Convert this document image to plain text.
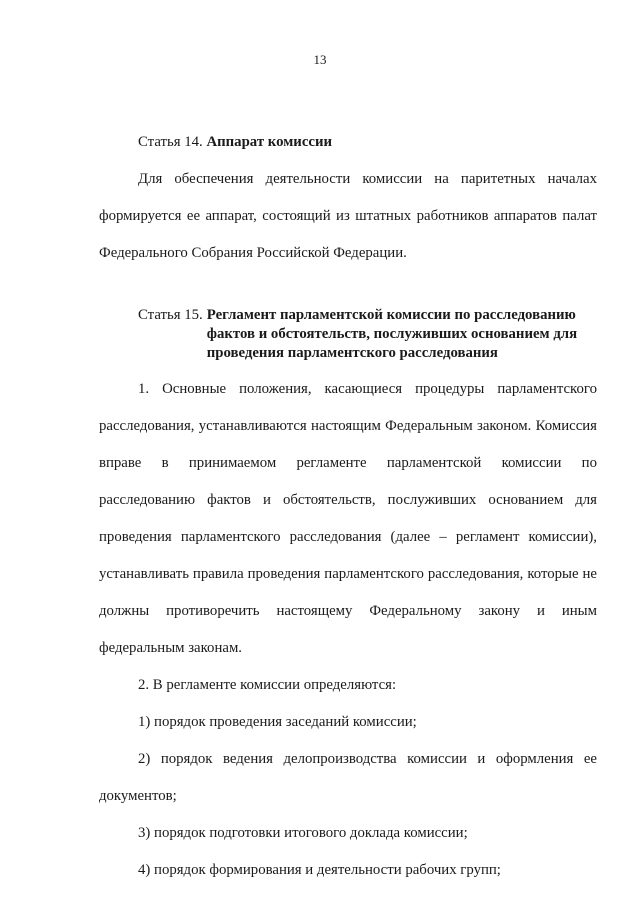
13

Статья 14. Аппарат комиссии

Для обеспечения деятельности комиссии на паритетных началах формируется ее аппарат, состоящий из штатных работников аппаратов палат Федерального Собрания Российской Федерации.

Статья 15. Регламент парламентской комиссии по расследованию
фактов и обстоятельств, послуживших основанием для
проведения парламентского расследования

1. Основные положения, касающиеся процедуры парламентского расследования, устанавливаются настоящим Федеральным законом. Комиссия вправе в принимаемом регламенте парламентской комиссии по расследованию фактов и обстоятельств, послуживших основанием для проведения парламентского расследования (далее – регламент комиссии), устанавливать правила проведения парламентского расследования, которые не должны противоречить настоящему Федеральному закону и иным федеральным законам.

2. В регламенте комиссии определяются:

1) порядок проведения заседаний комиссии;

2) порядок ведения делопроизводства комиссии и оформления ее документов;

3) порядок подготовки итогового доклада комиссии;

4) порядок формирования и деятельности рабочих групп;
